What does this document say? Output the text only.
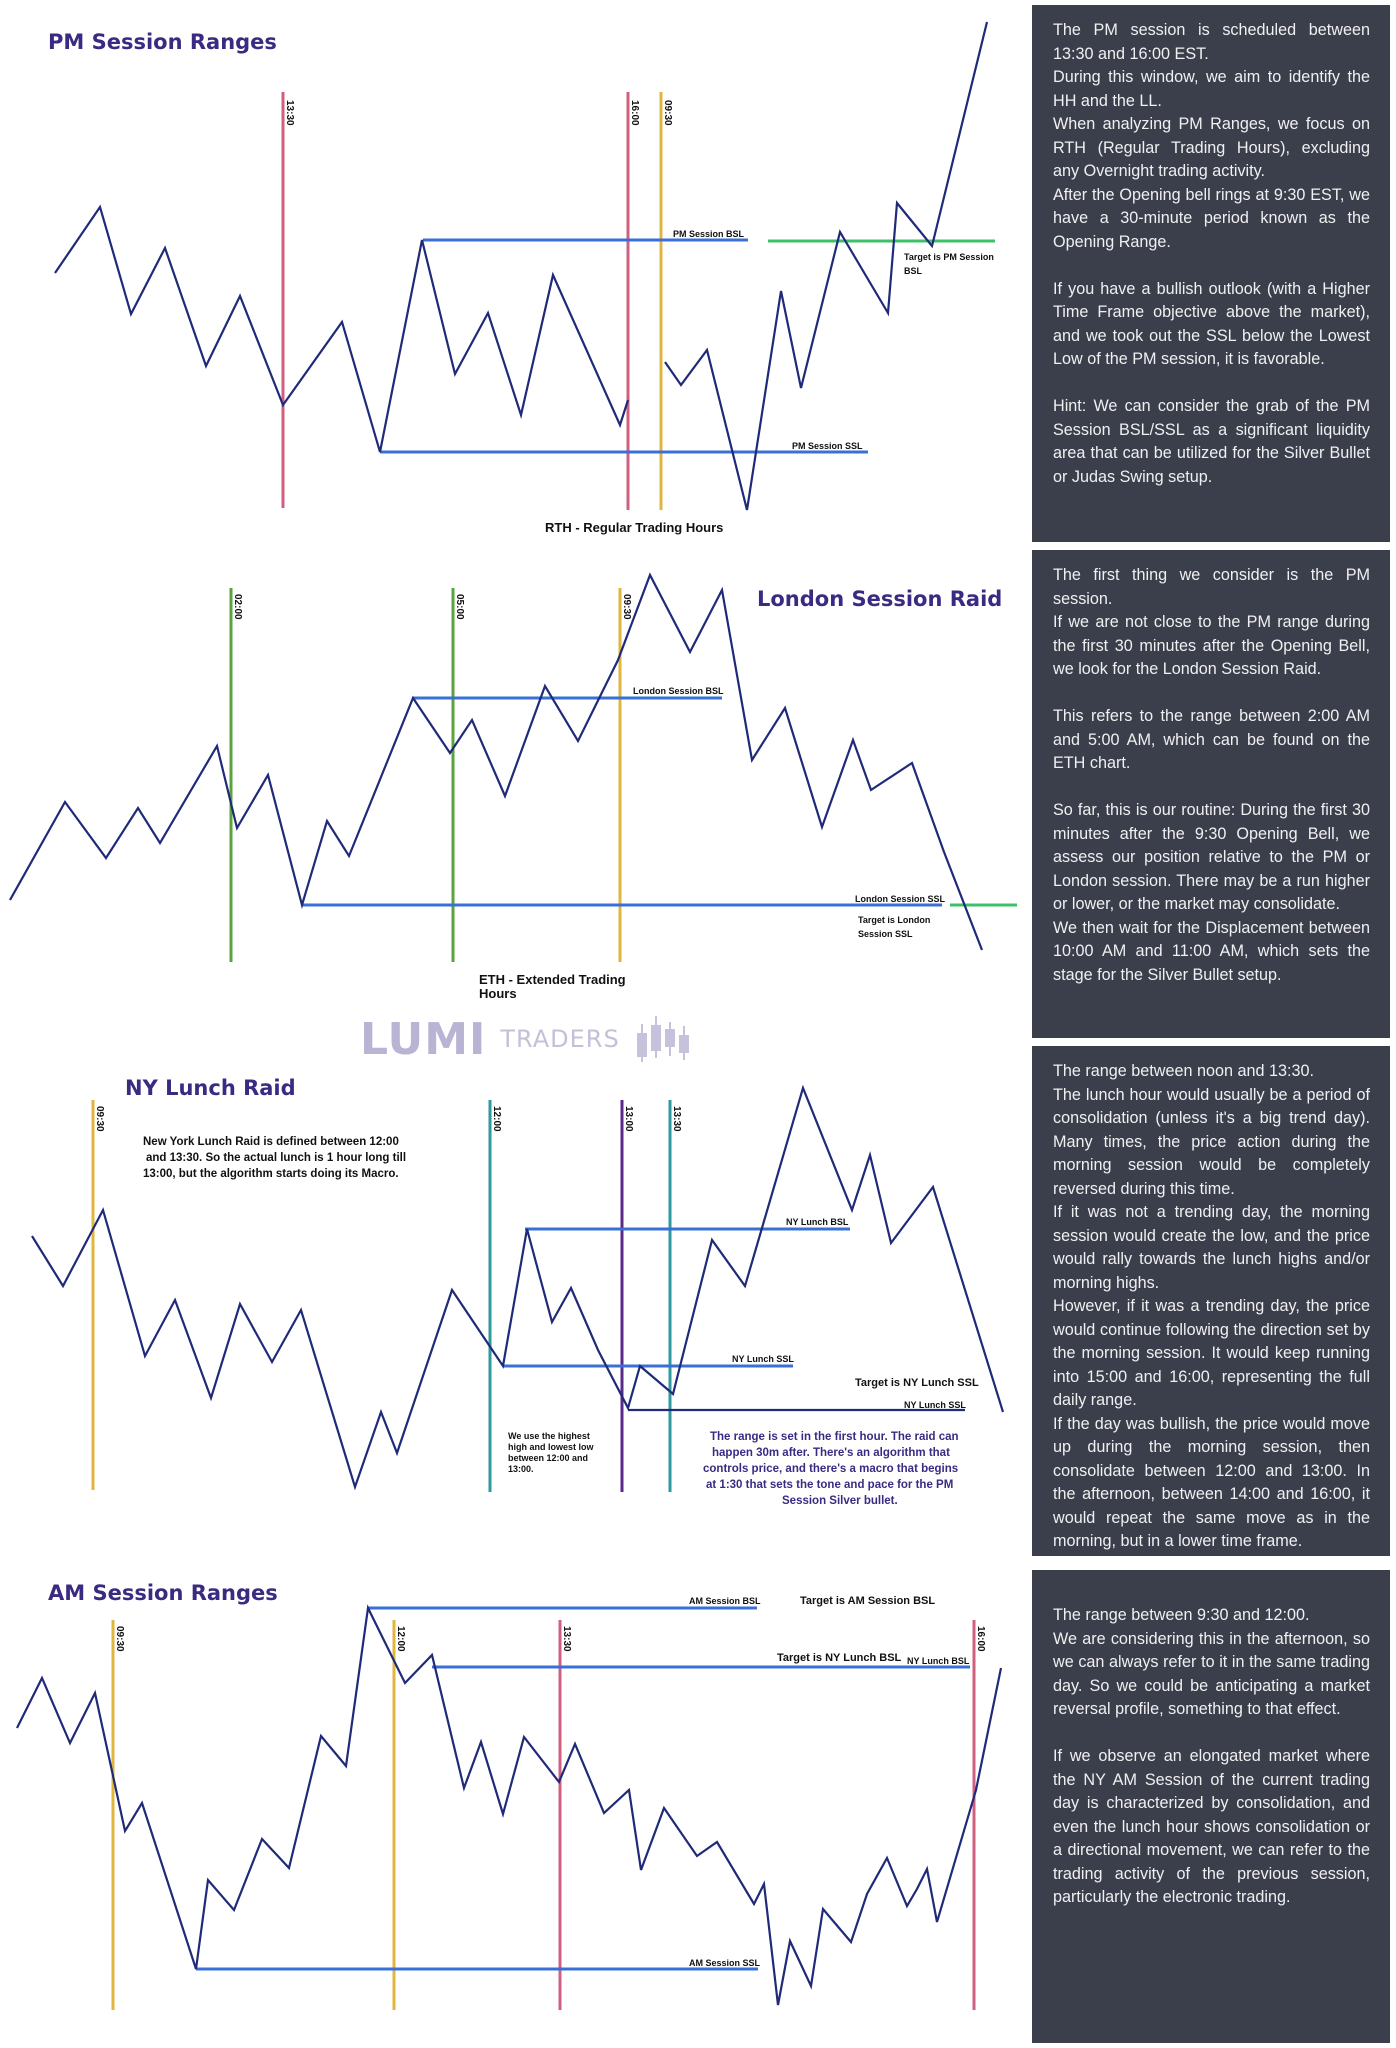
PM Session Ranges
13:30	16:00 09:30
PM Session BSL
PM Session SSL
Target is PM Session
BSL
RTH - Regular Trading Hours
London Session Raid
02:00	05:00	09:30
London Session BSL
London Session SSL
Target is London
Session SSL
ETH - Extended Trading
Hours
LUMI TRADERS
NY Lunch Raid
09:30	12:00	13:00	13:30
New York Lunch Raid is defined between 12:00
and 13:30. So the actual lunch is 1 hour long till
13:00, but the algorithm starts doing its Macro.
NY Lunch BSL
NY Lunch SSL
Target is NY Lunch SSL
NY Lunch SSL
We use the highest
high and lowest low
between 12:00 and
13:00.
The range is set in the first hour. The raid can
happen 30m after. There's an algorithm that
controls price, and there's a macro that begins
at 1:30 that sets the tone and pace for the PM
Session Silver bullet.
AM Session Ranges
09:30	12:00	13:30	16:00
AM Session BSL	Target is AM Session BSL
Target is NY Lunch BSL NY Lunch BSL
AM Session SSL

The PM session is scheduled between 13:30 and 16:00 EST.

During this window, we aim to identify the HH and the LL.

When analyzing PM Ranges, we focus on RTH (Regular Trading Hours), excluding any Overnight trading activity.

After the Opening bell rings at 9:30 EST, we have a 30-minute period known as the Opening Range.

If you have a bullish outlook (with a Higher Time Frame objective above the market), and we took out the SSL below the Lowest Low of the PM session, it is favorable.

Hint: We can consider the grab of the PM Session BSL/SSL as a significant liquidity area that can be utilized for the Silver Bullet or Judas Swing setup.

The first thing we consider is the PM session.

If we are not close to the PM range during the first 30 minutes after the Opening Bell, we look for the London Session Raid.

This refers to the range between 2:00 AM and 5:00 AM, which can be found on the ETH chart.

So far, this is our routine: During the first 30 minutes after the 9:30 Opening Bell, we assess our position relative to the PM or London session. There may be a run higher or lower, or the market may consolidate.

We then wait for the Displacement between 10:00 AM and 11:00 AM, which sets the stage for the Silver Bullet setup.

The range between noon and 13:30.

The lunch hour would usually be a period of consolidation (unless it's a big trend day). Many times, the price action during the morning session would be completely reversed during this time.

If it was not a trending day, the morning session would create the low, and the price would rally towards the lunch highs and/or morning highs.

However, if it was a trending day, the price would continue following the direction set by the morning session. It would keep running into 15:00 and 16:00, representing the full daily range.

If the day was bullish, the price would move up during the morning session, then consolidate between 12:00 and 13:00. In the afternoon, between 14:00 and 16:00, it would repeat the same move as in the morning, but in a lower time frame.

The range between 9:30 and 12:00.

We are considering this in the afternoon, so we can always refer to it in the same trading day. So we could be anticipating a market reversal profile, something to that effect.

If we observe an elongated market where the NY AM Session of the current trading day is characterized by consolidation, and even the lunch hour shows consolidation or a directional movement, we can refer to the trading activity of the previous session, particularly the electronic trading.
